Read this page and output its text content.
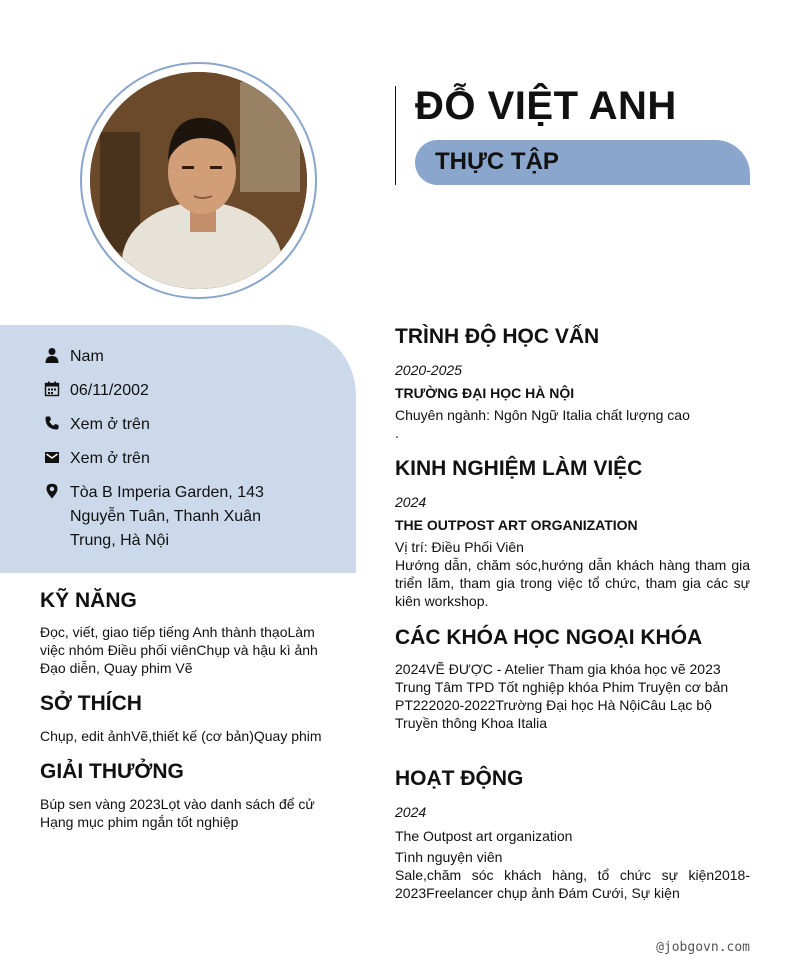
ĐỖ VIỆT ANH
THỰC TẬP
Nam
06/11/2002
Xem ở trên
Xem ở trên
Tòa B Imperia Garden, 143 Nguyễn Tuân, Thanh Xuân Trung, Hà Nội
KỸ NĂNG
Đọc, viết, giao tiếp tiếng Anh thành thạoLàm việc nhóm Điều phối viênChụp và hậu kì ảnh Đạo diễn, Quay phim Vẽ
SỞ THÍCH
Chụp, edit ảnhVẽ,thiết kế (cơ bản)Quay phim
GIẢI THƯỞNG
Búp sen vàng 2023Lọt vào danh sách để cử Hạng mục phim ngắn tốt nghiệp
TRÌNH ĐỘ HỌC VẤN
2020-2025
TRƯỜNG ĐẠI HỌC HÀ NỘI
Chuyên ngành: Ngôn Ngữ Italia chất lượng cao
.
KINH NGHIỆM LÀM VIỆC
2024
THE OUTPOST ART ORGANIZATION
Vị trí: Điều Phối Viên
Hướng dẫn, chăm sóc,hướng dẫn khách hàng tham gia triển lãm, tham gia trong việc tổ chức, tham gia các sự kiên workshop.
CÁC KHÓA HỌC NGOẠI KHÓA
2024VẼ ĐƯỢC - Atelier Tham gia khóa học vẽ 2023 Trung Tâm TPD Tốt nghiệp khóa Phim Truyện cơ bản PT222020-2022Trường Đại học Hà NộiCâu Lạc bộ Truyền thông Khoa Italia
HOẠT ĐỘNG
2024
The Outpost art organization
Tình nguyện viên
Sale,chăm sóc khách hàng, tổ chức sự kiện2018-2023Freelancer chụp ảnh Đám Cưới, Sự kiện
@jobgovn.com
